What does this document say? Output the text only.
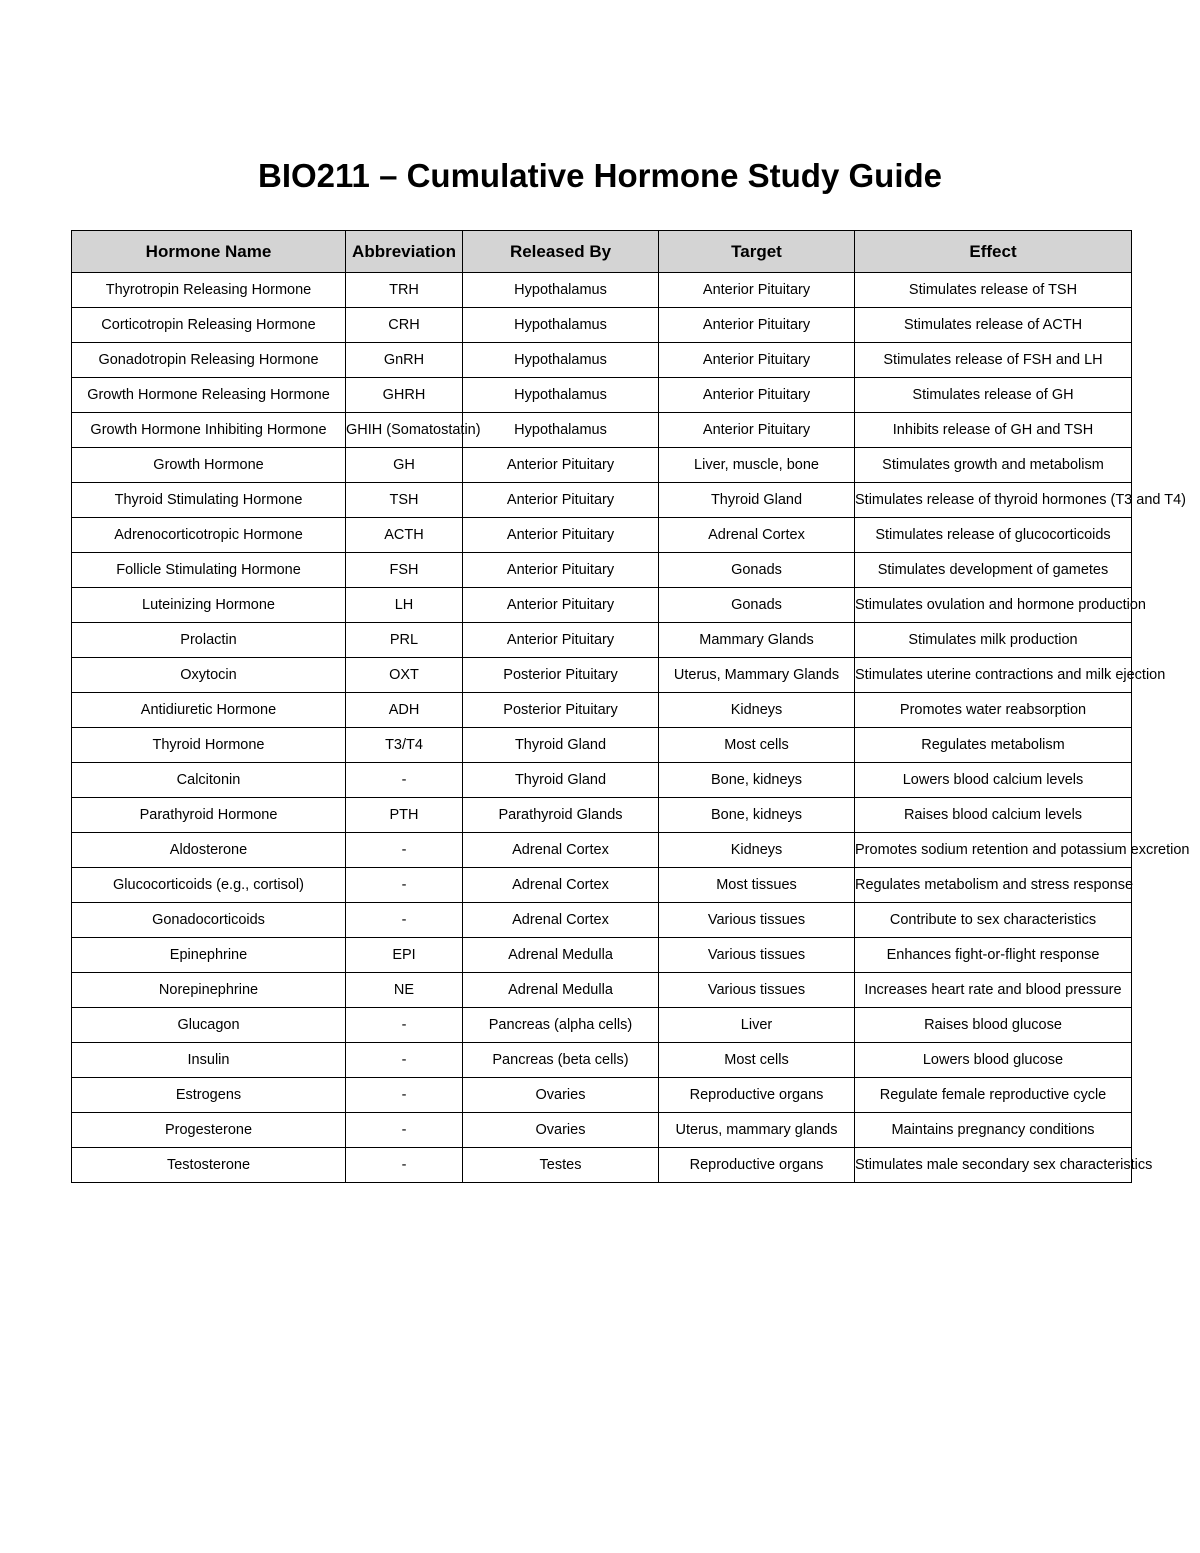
BIO211 – Cumulative Hormone Study Guide
Hormone Name	Abbreviation	Released By	Target	Effect
Thyrotropin Releasing Hormone	TRH	Hypothalamus	Anterior Pituitary	Stimulates release of TSH
Corticotropin Releasing Hormone	CRH	Hypothalamus	Anterior Pituitary	Stimulates release of ACTH
Gonadotropin Releasing Hormone	GnRH	Hypothalamus	Anterior Pituitary	Stimulates release of FSH and LH
Growth Hormone Releasing Hormone	GHRH	Hypothalamus	Anterior Pituitary	Stimulates release of GH
Growth Hormone Inhibiting Hormone	GHIH (Somatostatin)	Hypothalamus	Anterior Pituitary	Inhibits release of GH and TSH
Growth Hormone	GH	Anterior Pituitary	Liver, muscle, bone	Stimulates growth and metabolism
Thyroid Stimulating Hormone	TSH	Anterior Pituitary	Thyroid Gland	Stimulates release of thyroid hormones (T3 and T4)
Adrenocorticotropic Hormone	ACTH	Anterior Pituitary	Adrenal Cortex	Stimulates release of glucocorticoids
Follicle Stimulating Hormone	FSH	Anterior Pituitary	Gonads	Stimulates development of gametes
Luteinizing Hormone	LH	Anterior Pituitary	Gonads	Stimulates ovulation and hormone production
Prolactin	PRL	Anterior Pituitary	Mammary Glands	Stimulates milk production
Oxytocin	OXT	Posterior Pituitary	Uterus, Mammary Glands	Stimulates uterine contractions and milk ejection
Antidiuretic Hormone	ADH	Posterior Pituitary	Kidneys	Promotes water reabsorption
Thyroid Hormone	T3/T4	Thyroid Gland	Most cells	Regulates metabolism
Calcitonin	-	Thyroid Gland	Bone, kidneys	Lowers blood calcium levels
Parathyroid Hormone	PTH	Parathyroid Glands	Bone, kidneys	Raises blood calcium levels
Aldosterone	-	Adrenal Cortex	Kidneys	Promotes sodium retention and potassium excretion
Glucocorticoids (e.g., cortisol)	-	Adrenal Cortex	Most tissues	Regulates metabolism and stress response
Gonadocorticoids	-	Adrenal Cortex	Various tissues	Contribute to sex characteristics
Epinephrine	EPI	Adrenal Medulla	Various tissues	Enhances fight-or-flight response
Norepinephrine	NE	Adrenal Medulla	Various tissues	Increases heart rate and blood pressure
Glucagon	-	Pancreas (alpha cells)	Liver	Raises blood glucose
Insulin	-	Pancreas (beta cells)	Most cells	Lowers blood glucose
Estrogens	-	Ovaries	Reproductive organs	Regulate female reproductive cycle
Progesterone	-	Ovaries	Uterus, mammary glands	Maintains pregnancy conditions
Testosterone	-	Testes	Reproductive organs	Stimulates male secondary sex characteristics
